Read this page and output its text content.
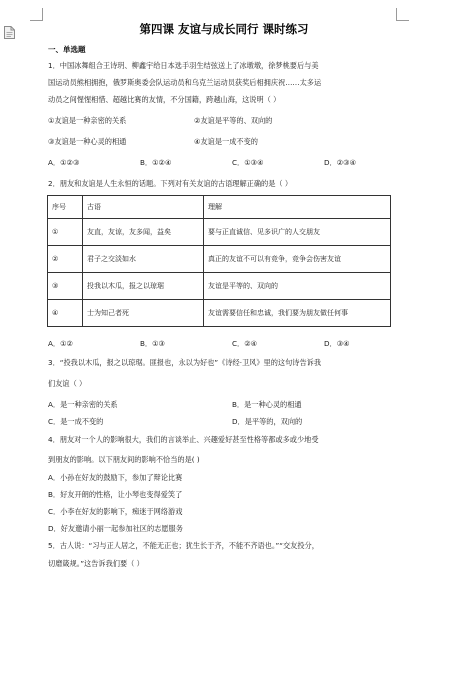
第四课 友谊与成长同行 课时练习
一、单选题

1．中国冰舞组合王诗玥、柳鑫宇给日本选手羽生结弦送上了冰墩墩，徐梦桃要后与美

国运动员熊相拥抱，俄罗斯奥委会队运动员和乌克兰运动员获奖后相拥庆祝……太多运

动员之间惺惺相惜、超越比赛的友情，不分国籍，跨越山海，这说明（ ）

①友谊是一种亲密的关系	②友谊是平等的、双向的
③友谊是一种心灵的相通	④友谊是一成不变的
A．①②③	B．①②④	C．①③④	D．②③④

2．朋友和友谊是人生永恒的话题。下列对有关友谊的古语理解正确的是（ ）

序号	古语	理解
①	友直，友谅，友多闻，益矣	要与正直诚信、见多识广的人交朋友
②	君子之交淡如水	真正的友谊不可以有竞争，竞争会伤害友谊
③	投我以木瓜，报之以琼琚	友谊是平等的、双向的
④	士为知己者死	友谊需要信任和忠诚，我们要为朋友做任何事
A．①②	B．①③	C．②④	D．③④

3．“投我以木瓜，报之以琼琚。匪报也，永以为好也”《诗经·卫风》里的这句诗告诉我

们友谊（ ）

A．是一种亲密的关系	B．是一种心灵的相通
C．是一成不变的	D．是平等的，双向的

4．朋友对一个人的影响很大，我们的言谈举止、兴趣爱好甚至性格等都或多或少地受

到朋友的影响。以下朋友间的影响不恰当的是( )

A．小孙在好友的鼓励下，参加了辩论比赛

B．好友开朗的性格，让小琴也变得爱笑了

C．小李在好友的影响下，痴迷于网络游戏

D．好友邀请小丽一起参加社区的志愿服务

5．古人说：“习与正人居之，不能无正也；犹生长于齐，不能不齐语也。”“交友投分，

切磨箴规。”这告诉我们要（ ）
